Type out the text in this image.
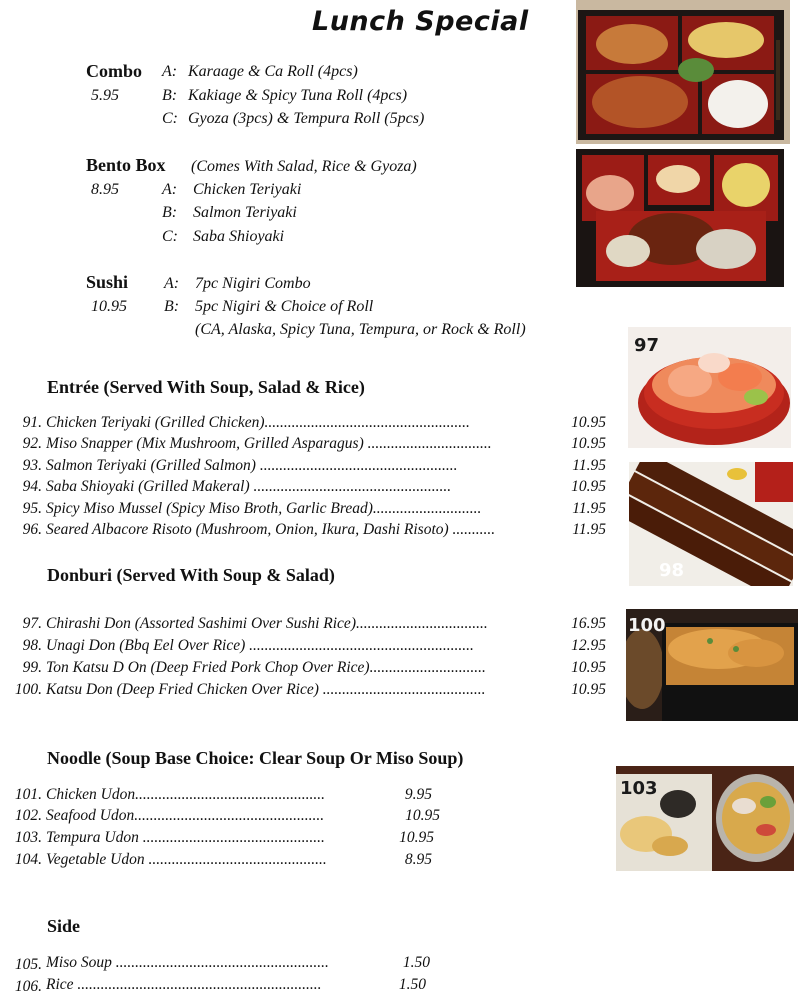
Lunch Special
Combo
5.95
A: Karaage & Ca Roll (4pcs)
B: Kakiage & Spicy Tuna Roll (4pcs)
C: Gyoza (3pcs) & Tempura Roll (5pcs)
Bento Box (Comes With Salad, Rice & Gyoza)
8.95	A: Chicken Teriyaki
B: Salmon Teriyaki
C: Saba Shioyaki
Sushi A: 7pc Nigiri Combo
10.95 B: 5pc Nigiri & Choice of Roll
(CA, Alaska, Spicy Tuna, Tempura, or Rock & Roll)
Entrée (Served With Soup, Salad & Rice)
91. Chicken Teriyaki (Grilled Chicken).....................................................	10.95
92. Miso Snapper (Mix Mushroom, Grilled Asparagus) ................................	10.95
93. Salmon Teriyaki (Grilled Salmon) ...................................................	11.95
94. Saba Shioyaki (Grilled Makeral) ...................................................	10.95
95. Spicy Miso Mussel (Spicy Miso Broth, Garlic Bread)............................	11.95
96. Seared Albacore Risoto (Mushroom, Onion, Ikura, Dashi Risoto) ...........	11.95
Donburi (Served With Soup & Salad)
97. Chirashi Don (Assorted Sashimi Over Sushi Rice)..................................	16.95
98. Unagi Don (Bbq Eel Over Rice) ..........................................................	12.95
99. Ton Katsu D On (Deep Fried Pork Chop Over Rice)..............................	10.95
100. Katsu Don (Deep Fried Chicken Over Rice) ..........................................	10.95
Noodle (Soup Base Choice: Clear Soup Or Miso Soup)
101. Chicken Udon.................................................	9.95
102. Seafood Udon.................................................	10.95
103. Tempura Udon ...............................................	10.95
104. Vegetable Udon ..............................................	8.95
Side
105. Miso Soup .......................................................	1.50
106. Rice ...............................................................	1.50
97
98
100
103
